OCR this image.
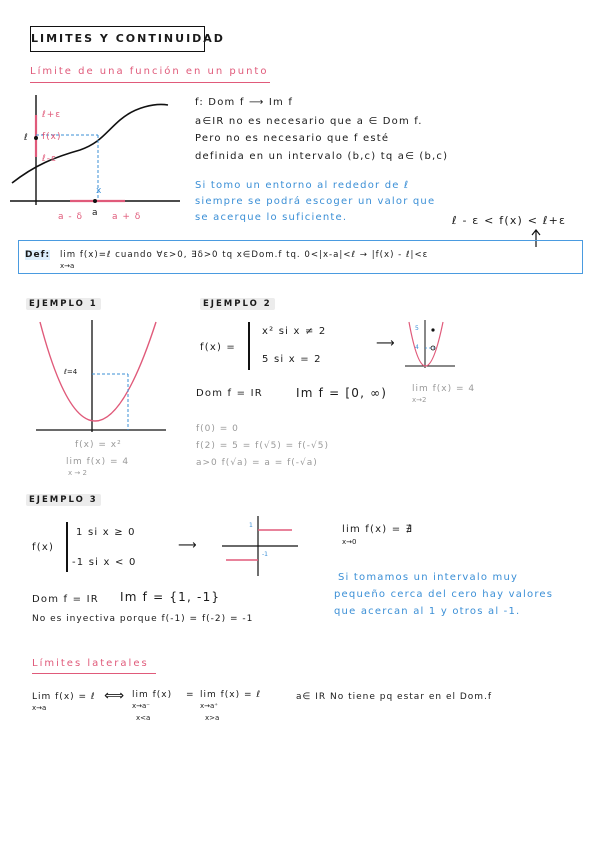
LIMITES Y CONTINUIDAD
Límite de una función en un punto
ℓ+ε
f(x)
ℓ
ℓ-ε
x
a
a - δ	a + δ
f: Dom f ⟶ Im f
a∈IR no es necesario que a ∈ Dom f.
Pero no es necesario que f esté
definida en un intervalo (b,c) tq a∈ (b,c)
Si tomo un entorno al rededor de ℓ
siempre se podrá escoger un valor que
se acerque lo suficiente.	ℓ - ε < f(x) < ℓ+ε
Def: lim f(x)=ℓ cuando ∀ε>0, ∃δ>0 tq x∈Dom.f tq. 0<|x-a|<ℓ → |f(x) - ℓ|<ε
x→a
EJEMPLO 1
ℓ=4
f(x) = x²
lim f(x) = 4
x → 2
EJEMPLO 2
f(x) =
x² si x ≠ 2
5 si x = 2
⟶
5
4
Dom f = IR	Im f = [0, ∞)	lim f(x) = 4
x→2
f(0) = 0
f(2) = 5 = f(√5) = f(-√5)
a>0 f(√a) = a = f(-√a)
EJEMPLO 3
f(x)
1 si x ≥ 0
-1 si x < 0
⟶
1
-1
lim f(x) = ∄
x→0
Si tomamos un intervalo muy
pequeño cerca del cero hay valores
que acercan al 1 y otros al -1.
Dom f = IR Im f = {1, -1}
No es inyectiva porque f(-1) = f(-2) = -1
Límites laterales
Lim f(x) = ℓ
x→a
⟺ lim f(x)
x→a⁻
x<a
= lim f(x) = ℓ
x→a⁺
x>a
a∈ IR No tiene pq estar en el Dom.f
